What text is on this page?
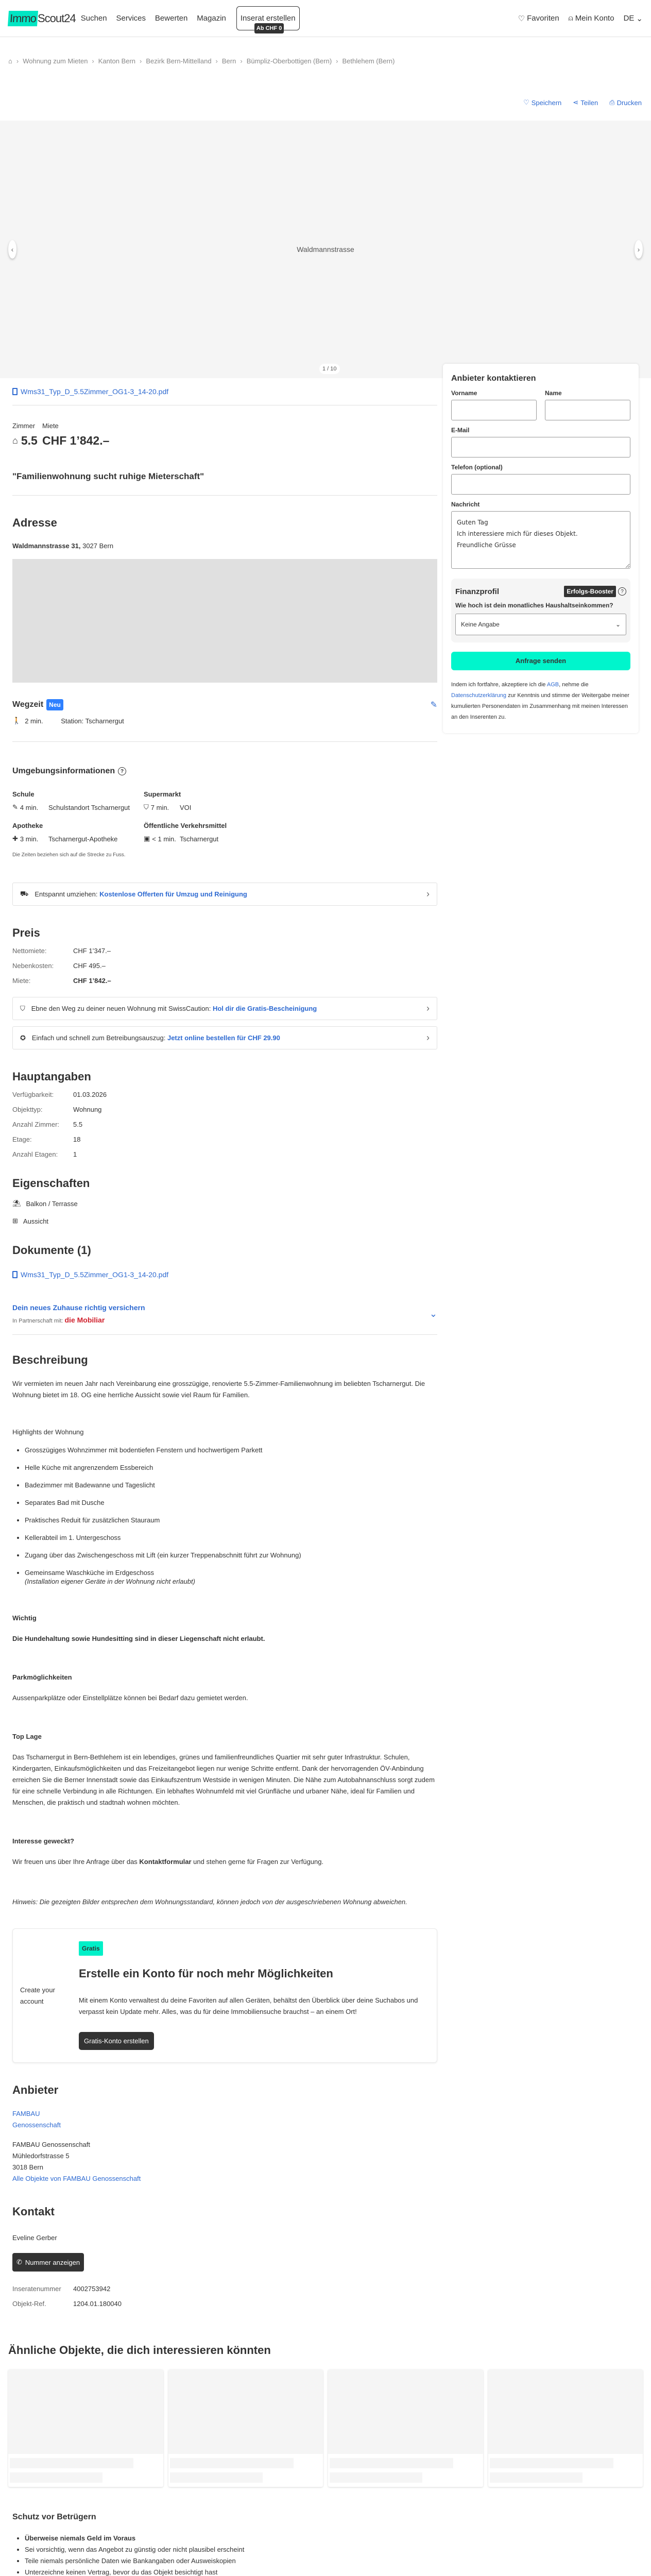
Immo Scout24 Suchen Services Bewerten Magazin	Inserat erstellen
Ab CHF 0
♡ Favoriten ⍝ Mein Konto DE ⌄
⌂ › Wohnung zum Mieten › Kanton Bern › Bezirk Bern-Mittelland › Bern › Bümpliz-Oberbottigen (Bern) › Bethlehem (Bern)
♡ Speichern ⋖ Teilen ⎙ Drucken
Waldmannstrasse
‹	›
1 / 10
Wms31_Typ_D_5.5Zimmer_OG1-3_14-20.pdf
Zimmer	Miete
⌂ 5.5 CHF 1’842.–
"Familienwohnung sucht ruhige Mieterschaft"
Adresse
Waldmannstrasse 31, 3027 Bern
Wegzeit Neu	✎
🚶 2 min.	Station: Tscharnergut
Umgebungsinformationen	?
Schule
✎ 4 min. Schulstandort Tscharnergut
Supermarkt
⛉ 7 min. VOI
Apotheke
✚ 3 min. Tscharnergut-Apotheke
Öffentliche Verkehrsmittel
▣ < 1 min. Tscharnergut
Die Zeiten beziehen sich auf die Strecke zu Fuss.
⛟ Entspannt umziehen: Kostenlose Offerten für Umzug und Reinigung	›
Preis
Nettomiete:	CHF 1’347.–
Nebenkosten:	CHF 495.–
Miete:	CHF 1’842.–
⛉ Ebne den Weg zu deiner neuen Wohnung mit SwissCaution: Hol dir die Gratis-Bescheinigung	›
✪ Einfach und schnell zum Betreibungsauszug: Jetzt online bestellen für CHF 29.90	›
Hauptangaben
Verfügbarkeit:	01.03.2026
Objekttyp:	Wohnung
Anzahl Zimmer:	5.5
Etage:	18
Anzahl Etagen:	1
Eigenschaften
⛱ Balkon / Terrasse
⊞ Aussicht
Dokumente (1)
Wms31_Typ_D_5.5Zimmer_OG1-3_14-20.pdf
Dein neues Zuhause richtig versichern
In Partnerschaft mit: die Mobiliar
⌄
Beschreibung

Wir vermieten im neuen Jahr nach Vereinbarung eine grosszügige, renovierte 5.5-Zimmer-Familienwohnung im beliebten Tscharnergut. Die Wohnung bietet im 18. OG eine herrliche Aussicht sowie viel Raum für Familien.

Highlights der Wohnung

• Grosszügiges Wohnzimmer mit bodentiefen Fenstern und hochwertigem Parkett
• Helle Küche mit angrenzendem Essbereich
• Badezimmer mit Badewanne und Tageslicht
• Separates Bad mit Dusche
• Praktisches Reduit für zusätzlichen Stauraum
• Kellerabteil im 1. Untergeschoss
• Zugang über das Zwischengeschoss mit Lift (ein kurzer Treppenabschnitt führt zur Wohnung)
• Gemeinsame Waschküche im Erdgeschoss
(Installation eigener Geräte in der Wohnung nicht erlaubt)
Wichtig

Die Hundehaltung sowie Hundesitting sind in dieser Liegenschaft nicht erlaubt.

Parkmöglichkeiten

Aussenparkplätze oder Einstellplätze können bei Bedarf dazu gemietet werden.

Top Lage

Das Tscharnergut in Bern-Bethlehem ist ein lebendiges, grünes und familienfreundliches Quartier mit sehr guter Infrastruktur. Schulen, Kindergarten, Einkaufsmöglichkeiten und das Freizeitangebot liegen nur wenige Schritte entfernt. Dank der hervorragenden ÖV-Anbindung erreichen Sie die Berner Innenstadt sowie das Einkaufszentrum Westside in wenigen Minuten. Die Nähe zum Autobahnanschluss sorgt zudem für eine schnelle Verbindung in alle Richtungen. Ein lebhaftes Wohnumfeld mit viel Grünfläche und urbaner Nähe, ideal für Familien und Menschen, die praktisch und stadtnah wohnen möchten.

Interesse geweckt?

Wir freuen uns über Ihre Anfrage über das Kontaktformular und stehen gerne für Fragen zur Verfügung.

Hinweis: Die gezeigten Bilder entsprechen dem Wohnungsstandard, können jedoch von der ausgeschriebenen Wohnung abweichen.

Create your account
Gratis
Erstelle ein Konto für noch mehr Möglichkeiten

Mit einem Konto verwaltest du deine Favoriten auf allen Geräten, behältst den Überblick über deine Suchabos und verpasst kein Update mehr. Alles, was du für deine Immobiliensuche brauchst – an einem Ort!

Gratis-Konto erstellen
Anbieter
FAMBAU
Genossenschaft
FAMBAU Genossenschaft
Mühledorfstrasse 5
3018 Bern
Alle Objekte von FAMBAU Genossenschaft
Kontakt
Eveline Gerber
✆ Nummer anzeigen
Inseratenummer	4002753942
Objekt-Ref.	1204.01.180040
Anbieter kontaktieren
Vorname	Name
E-Mail
Telefon (optional)
Nachricht
Guten Tag Ich interessiere mich für dieses Objekt. Freundliche Grüsse
Finanzprofil	Erfolgs-Booster	?
Wie hoch ist dein monatliches Haushaltseinkommen?
Keine Angabe	⌄
Anfrage senden
Indem ich fortfahre, akzeptiere ich die AGB, nehme die Datenschutzerklärung zur Kenntnis und stimme der Weitergabe meiner kumulierten Personendaten im Zusammenhang mit meinen Interessen an den Inserenten zu.
Ähnliche Objekte, die dich interessieren könnten
Schutz vor Betrügern
• Überweise niemals Geld im Voraus
• Sei vorsichtig, wenn das Angebot zu günstig oder nicht plausibel erscheint
• Teile niemals persönliche Daten wie Bankangaben oder Ausweiskopien
• Unterzeichne keinen Vertrag, bevor du das Objekt besichtigt hast
